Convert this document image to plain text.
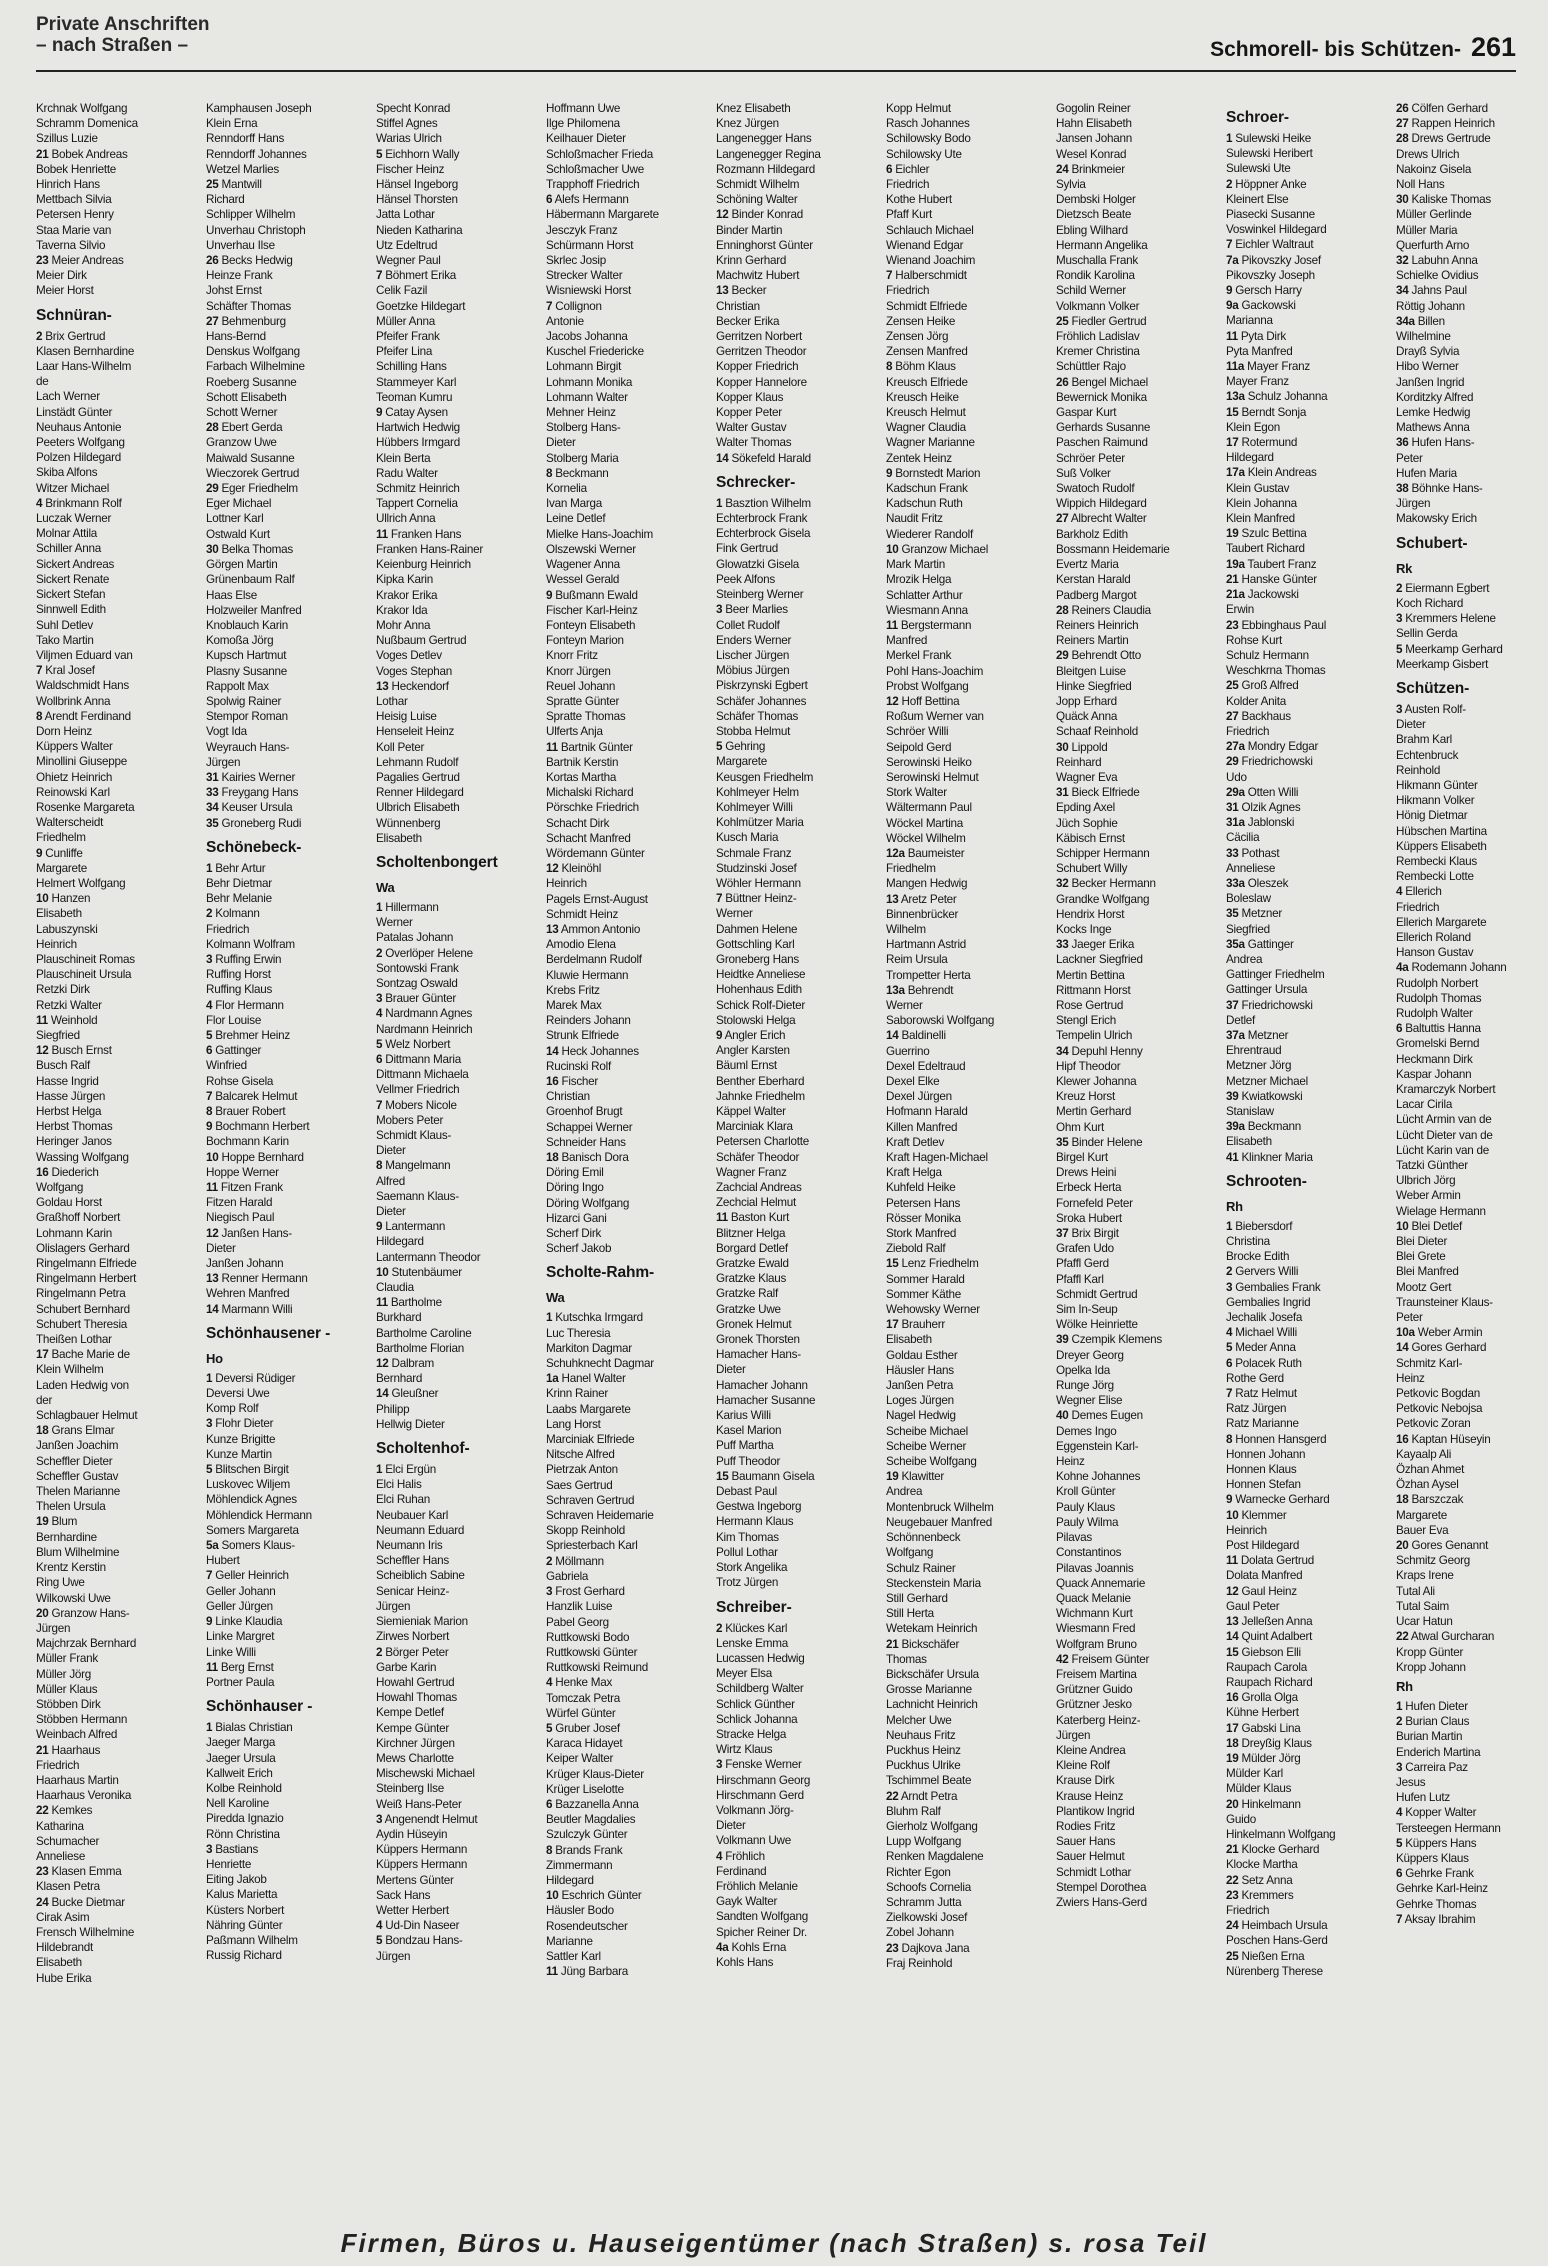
Private Anschriften
– nach Straßen –	Schmorell- bis Schützen- 261
Krchnak Wolfgang
Schramm Domenica
Szillus Luzie
21 Bobek Andreas
Bobek Henriette
Hinrich Hans
Mettbach Silvia
Petersen Henry
Staa Marie van
Taverna Silvio
23 Meier Andreas
Meier Dirk
Meier Horst
Schnüran-
2 Brix Gertrud
Klasen Bernhardine
Laar Hans-Wilhelm
de
Lach Werner
Linstädt Günter
Neuhaus Antonie
Peeters Wolfgang
Polzen Hildegard
Skiba Alfons
Witzer Michael
4 Brinkmann Rolf
Luczak Werner
Molnar Attila
Schiller Anna
Sickert Andreas
Sickert Renate
Sickert Stefan
Sinnwell Edith
Suhl Detlev
Tako Martin
Viljmen Eduard van
7 Kral Josef
Waldschmidt Hans
Wollbrink Anna
8 Arendt Ferdinand
Dorn Heinz
Küppers Walter
Minollini Giuseppe
Ohietz Heinrich
Reinowski Karl
Rosenke Margareta
Walterscheidt
Friedhelm
9 Cunliffe
Margarete
Helmert Wolfgang
10 Hanzen
Elisabeth
Labuszynski
Heinrich
Plauschineit Romas
Plauschineit Ursula
Retzki Dirk
Retzki Walter
11 Weinhold
Siegfried
12 Busch Ernst
Busch Ralf
Hasse Ingrid
Hasse Jürgen
Herbst Helga
Herbst Thomas
Heringer Janos
Wassing Wolfgang
16 Diederich
Wolfgang
Goldau Horst
Graßhoff Norbert
Lohmann Karin
Olislagers Gerhard
Ringelmann Elfriede
Ringelmann Herbert
Ringelmann Petra
Schubert Bernhard
Schubert Theresia
Theißen Lothar
17 Bache Marie de
Klein Wilhelm
Laden Hedwig von
der
Schlagbauer Helmut
18 Grans Elmar
Janßen Joachim
Scheffler Dieter
Scheffler Gustav
Thelen Marianne
Thelen Ursula
19 Blum
Bernhardine
Blum Wilhelmine
Krentz Kerstin
Ring Uwe
Wilkowski Uwe
20 Granzow Hans-
Jürgen
Majchrzak Bernhard
Müller Frank
Müller Jörg
Müller Klaus
Stöbben Dirk
Stöbben Hermann
Weinbach Alfred
21 Haarhaus
Friedrich
Haarhaus Martin
Haarhaus Veronika
22 Kemkes
Katharina
Schumacher
Anneliese
23 Klasen Emma
Klasen Petra
24 Bucke Dietmar
Cirak Asim
Frensch Wilhelmine
Hildebrandt
Elisabeth
Hube Erika
Kamphausen Joseph
Klein Erna
Renndorff Hans
Renndorff Johannes
Wetzel Marlies
25 Mantwill
Richard
Schlipper Wilhelm
Unverhau Christoph
Unverhau Ilse
26 Becks Hedwig
Heinze Frank
Johst Ernst
Schäfter Thomas
27 Behmenburg
Hans-Bernd
Denskus Wolfgang
Farbach Wilhelmine
Roeberg Susanne
Schott Elisabeth
Schott Werner
28 Ebert Gerda
Granzow Uwe
Maiwald Susanne
Wieczorek Gertrud
29 Eger Friedhelm
Eger Michael
Lottner Karl
Ostwald Kurt
30 Belka Thomas
Görgen Martin
Grünenbaum Ralf
Haas Else
Holzweiler Manfred
Knoblauch Karin
Komoßa Jörg
Kupsch Hartmut
Plasny Susanne
Rappolt Max
Spolwig Rainer
Stempor Roman
Vogt Ida
Weyrauch Hans-
Jürgen
31 Kairies Werner
33 Freygang Hans
34 Keuser Ursula
35 Groneberg Rudi
Schönebeck-
1 Behr Artur
Behr Dietmar
Behr Melanie
2 Kolmann
Friedrich
Kolmann Wolfram
3 Ruffing Erwin
Ruffing Horst
Ruffing Klaus
4 Flor Hermann
Flor Louise
5 Brehmer Heinz
6 Gattinger
Winfried
Rohse Gisela
7 Balcarek Helmut
8 Brauer Robert
9 Bochmann Herbert
Bochmann Karin
10 Hoppe Bernhard
Hoppe Werner
11 Fitzen Frank
Fitzen Harald
Niegisch Paul
12 Janßen Hans-
Dieter
Janßen Johann
13 Renner Hermann
Wehren Manfred
14 Marmann Willi
Schönhausener -
Ho
1 Deversi Rüdiger
Deversi Uwe
Komp Rolf
3 Flohr Dieter
Kunze Brigitte
Kunze Martin
5 Blitschen Birgit
Luskovec Wiljem
Möhlendick Agnes
Möhlendick Hermann
Somers Margareta
5a Somers Klaus-
Hubert
7 Geller Heinrich
Geller Johann
Geller Jürgen
9 Linke Klaudia
Linke Margret
Linke Willi
11 Berg Ernst
Portner Paula
Schönhauser -
1 Bialas Christian
Jaeger Marga
Jaeger Ursula
Kallweit Erich
Kolbe Reinhold
Nell Karoline
Piredda Ignazio
Rönn Christina
3 Bastians
Henriette
Eiting Jakob
Kalus Marietta
Küsters Norbert
Nähring Günter
Paßmann Wilhelm
Russig Richard
Specht Konrad
Stiffel Agnes
Warias Ulrich
5 Eichhorn Wally
Fischer Heinz
Hänsel Ingeborg
Hänsel Thorsten
Jatta Lothar
Nieden Katharina
Utz Edeltrud
Wegner Paul
7 Böhmert Erika
Celik Fazil
Goetzke Hildegart
Müller Anna
Pfeifer Frank
Pfeifer Lina
Schilling Hans
Stammeyer Karl
Teoman Kumru
9 Catay Aysen
Hartwich Hedwig
Hübbers Irmgard
Klein Berta
Radu Walter
Schmitz Heinrich
Tappert Cornelia
Ullrich Anna
11 Franken Hans
Franken Hans-Rainer
Keienburg Heinrich
Kipka Karin
Krakor Erika
Krakor Ida
Mohr Anna
Nußbaum Gertrud
Voges Detlev
Voges Stephan
13 Heckendorf
Lothar
Heisig Luise
Henseleit Heinz
Koll Peter
Lehmann Rudolf
Pagalies Gertrud
Renner Hildegard
Ulbrich Elisabeth
Wünnenberg
Elisabeth
Scholtenbongert
Wa
1 Hillermann
Werner
Patalas Johann
2 Overlöper Helene
Sontowski Frank
Sontzag Oswald
3 Brauer Günter
4 Nardmann Agnes
Nardmann Heinrich
5 Welz Norbert
6 Dittmann Maria
Dittmann Michaela
Vellmer Friedrich
7 Mobers Nicole
Mobers Peter
Schmidt Klaus-
Dieter
8 Mangelmann
Alfred
Saemann Klaus-
Dieter
9 Lantermann
Hildegard
Lantermann Theodor
10 Stutenbäumer
Claudia
11 Bartholme
Burkhard
Bartholme Caroline
Bartholme Florian
12 Dalbram
Bernhard
14 Gleußner
Philipp
Hellwig Dieter
Scholtenhof-
1 Elci Ergün
Elci Halis
Elci Ruhan
Neubauer Karl
Neumann Eduard
Neumann Iris
Scheffler Hans
Scheiblich Sabine
Senicar Heinz-
Jürgen
Siemieniak Marion
Zirwes Norbert
2 Börger Peter
Garbe Karin
Howahl Gertrud
Howahl Thomas
Kempe Detlef
Kempe Günter
Kirchner Jürgen
Mews Charlotte
Mischewski Michael
Steinberg Ilse
Weiß Hans-Peter
3 Angenendt Helmut
Aydin Hüseyin
Küppers Hermann
Küppers Hermann
Mertens Günter
Sack Hans
Wetter Herbert
4 Ud-Din Naseer
5 Bondzau Hans-
Jürgen
Hoffmann Uwe
Ilge Philomena
Keilhauer Dieter
Schloßmacher Frieda
Schloßmacher Uwe
Trapphoff Friedrich
6 Alefs Hermann
Häbermann Margarete
Jesczyk Franz
Schürmann Horst
Skrlec Josip
Strecker Walter
Wisniewski Horst
7 Collignon
Antonie
Jacobs Johanna
Kuschel Friedericke
Lohmann Birgit
Lohmann Monika
Lohmann Walter
Mehner Heinz
Stolberg Hans-
Dieter
Stolberg Maria
8 Beckmann
Kornelia
Ivan Marga
Leine Detlef
Mielke Hans-Joachim
Olszewski Werner
Wagener Anna
Wessel Gerald
9 Bußmann Ewald
Fischer Karl-Heinz
Fonteyn Elisabeth
Fonteyn Marion
Knorr Fritz
Knorr Jürgen
Reuel Johann
Spratte Günter
Spratte Thomas
Ulferts Anja
11 Bartnik Günter
Bartnik Kerstin
Kortas Martha
Michalski Richard
Pörschke Friedrich
Schacht Dirk
Schacht Manfred
Wördemann Günter
12 Kleinöhl
Heinrich
Pagels Ernst-August
Schmidt Heinz
13 Ammon Antonio
Amodio Elena
Berdelmann Rudolf
Kluwie Hermann
Krebs Fritz
Marek Max
Reinders Johann
Strunk Elfriede
14 Heck Johannes
Rucinski Rolf
16 Fischer
Christian
Groenhof Brugt
Schappei Werner
Schneider Hans
18 Banisch Dora
Döring Emil
Döring Ingo
Döring Wolfgang
Hizarci Gani
Scherf Dirk
Scherf Jakob
Scholte-Rahm-
Wa
1 Kutschka Irmgard
Luc Theresia
Markiton Dagmar
Schuhknecht Dagmar
1a Hanel Walter
Krinn Rainer
Laabs Margarete
Lang Horst
Marciniak Elfriede
Nitsche Alfred
Pietrzak Anton
Saes Gertrud
Schraven Gertrud
Schraven Heidemarie
Skopp Reinhold
Spriesterbach Karl
2 Möllmann
Gabriela
3 Frost Gerhard
Hanzlik Luise
Pabel Georg
Ruttkowski Bodo
Ruttkowski Günter
Ruttkowski Reimund
4 Henke Max
Tomczak Petra
Würfel Günter
5 Gruber Josef
Karaca Hidayet
Keiper Walter
Krüger Klaus-Dieter
Krüger Liselotte
6 Bazzanella Anna
Beutler Magdalies
Szulczyk Günter
8 Brands Frank
Zimmermann
Hildegard
10 Eschrich Günter
Häusler Bodo
Rosendeutscher
Marianne
Sattler Karl
11 Jüng Barbara
Knez Elisabeth
Knez Jürgen
Langenegger Hans
Langenegger Regina
Rozmann Hildegard
Schmidt Wilhelm
Schöning Walter
12 Binder Konrad
Binder Martin
Enninghorst Günter
Krinn Gerhard
Machwitz Hubert
13 Becker
Christian
Becker Erika
Gerritzen Norbert
Gerritzen Theodor
Kopper Friedrich
Kopper Hannelore
Kopper Klaus
Kopper Peter
Walter Gustav
Walter Thomas
14 Sökefeld Harald
Schrecker-
1 Basztion Wilhelm
Echterbrock Frank
Echterbrock Gisela
Fink Gertrud
Glowatzki Gisela
Peek Alfons
Steinberg Werner
3 Beer Marlies
Collet Rudolf
Enders Werner
Lischer Jürgen
Möbius Jürgen
Piskrzynski Egbert
Schäfer Johannes
Schäfer Thomas
Stobba Helmut
5 Gehring
Margarete
Keusgen Friedhelm
Kohlmeyer Helm
Kohlmeyer Willi
Kohlmützer Maria
Kusch Maria
Schmale Franz
Studzinski Josef
Wöhler Hermann
7 Büttner Heinz-
Werner
Dahmen Helene
Gottschling Karl
Groneberg Hans
Heidtke Anneliese
Hohenhaus Edith
Schick Rolf-Dieter
Stolowski Helga
9 Angler Erich
Angler Karsten
Bäuml Ernst
Benther Eberhard
Jahnke Friedhelm
Käppel Walter
Marciniak Klara
Petersen Charlotte
Schäfer Theodor
Wagner Franz
Zachcial Andreas
Zechcial Helmut
11 Baston Kurt
Blitzner Helga
Borgard Detlef
Gratzke Ewald
Gratzke Klaus
Gratzke Ralf
Gratzke Uwe
Gronek Helmut
Gronek Thorsten
Hamacher Hans-
Dieter
Hamacher Johann
Hamacher Susanne
Karius Willi
Kasel Marion
Puff Martha
Puff Theodor
15 Baumann Gisela
Debast Paul
Gestwa Ingeborg
Hermann Klaus
Kim Thomas
Pollul Lothar
Stork Angelika
Trotz Jürgen
Schreiber-
2 Klückes Karl
Lenske Emma
Lucassen Hedwig
Meyer Elsa
Schildberg Walter
Schlick Günther
Schlick Johanna
Stracke Helga
Wirtz Klaus
3 Fenske Werner
Hirschmann Georg
Hirschmann Gerd
Volkmann Jörg-
Dieter
Volkmann Uwe
4 Fröhlich
Ferdinand
Fröhlich Melanie
Gayk Walter
Sandten Wolfgang
Spicher Reiner Dr.
4a Kohls Erna
Kohls Hans
Kopp Helmut
Rasch Johannes
Schilowsky Bodo
Schilowsky Ute
6 Eichler
Friedrich
Kothe Hubert
Pfaff Kurt
Schlauch Michael
Wienand Edgar
Wienand Joachim
7 Halberschmidt
Friedrich
Schmidt Elfriede
Zensen Heike
Zensen Jörg
Zensen Manfred
8 Böhm Klaus
Kreusch Elfriede
Kreusch Heike
Kreusch Helmut
Wagner Claudia
Wagner Marianne
Zentek Heinz
9 Bornstedt Marion
Kadschun Frank
Kadschun Ruth
Naudit Fritz
Wiederer Randolf
10 Granzow Michael
Mark Martin
Mrozik Helga
Schlatter Arthur
Wiesmann Anna
11 Bergstermann
Manfred
Merkel Frank
Pohl Hans-Joachim
Probst Wolfgang
12 Hoff Bettina
Roßum Werner van
Schröer Willi
Seipold Gerd
Serowinski Heiko
Serowinski Helmut
Stork Walter
Wältermann Paul
Wöckel Martina
Wöckel Wilhelm
12a Baumeister
Friedhelm
Mangen Hedwig
13 Aretz Peter
Binnenbrücker
Wilhelm
Hartmann Astrid
Reim Ursula
Trompetter Herta
13a Behrendt
Werner
Saborowski Wolfgang
14 Baldinelli
Guerrino
Dexel Edeltraud
Dexel Elke
Dexel Jürgen
Hofmann Harald
Killen Manfred
Kraft Detlev
Kraft Hagen-Michael
Kraft Helga
Kuhfeld Heike
Petersen Hans
Rösser Monika
Stork Manfred
Ziebold Ralf
15 Lenz Friedhelm
Sommer Harald
Sommer Käthe
Wehowsky Werner
17 Brauherr
Elisabeth
Goldau Esther
Häusler Hans
Janßen Petra
Loges Jürgen
Nagel Hedwig
Scheibe Michael
Scheibe Werner
Scheibe Wolfgang
19 Klawitter
Andrea
Montenbruck Wilhelm
Neugebauer Manfred
Schönnenbeck
Wolfgang
Schulz Rainer
Steckenstein Maria
Still Gerhard
Still Herta
Wetekam Heinrich
21 Bickschäfer
Thomas
Bickschäfer Ursula
Grosse Marianne
Lachnicht Heinrich
Melcher Uwe
Neuhaus Fritz
Puckhus Heinz
Puckhus Ulrike
Tschimmel Beate
22 Arndt Petra
Bluhm Ralf
Gierholz Wolfgang
Lupp Wolfgang
Renken Magdalene
Richter Egon
Schoofs Cornelia
Schramm Jutta
Zielkowski Josef
Zobel Johann
23 Dajkova Jana
Fraj Reinhold
Gogolin Reiner
Hahn Elisabeth
Jansen Johann
Wesel Konrad
24 Brinkmeier
Sylvia
Dembski Holger
Dietzsch Beate
Ebling Wilhard
Hermann Angelika
Muschalla Frank
Rondik Karolina
Schild Werner
Volkmann Volker
25 Fiedler Gertrud
Fröhlich Ladislav
Kremer Christina
Schüttler Rajo
26 Bengel Michael
Bewernick Monika
Gaspar Kurt
Gerhards Susanne
Paschen Raimund
Schröer Peter
Suß Volker
Swatoch Rudolf
Wippich Hildegard
27 Albrecht Walter
Barkholz Edith
Bossmann Heidemarie
Evertz Maria
Kerstan Harald
Padberg Margot
28 Reiners Claudia
Reiners Heinrich
Reiners Martin
29 Behrendt Otto
Bleitgen Luise
Hinke Siegfried
Jopp Erhard
Quäck Anna
Schaaf Reinhold
30 Lippold
Reinhard
Wagner Eva
31 Bieck Elfriede
Epding Axel
Jüch Sophie
Käbisch Ernst
Schipper Hermann
Schubert Willy
32 Becker Hermann
Grandke Wolfgang
Hendrix Horst
Kocks Inge
33 Jaeger Erika
Lackner Siegfried
Mertin Bettina
Rittmann Horst
Rose Gertrud
Stengl Erich
Tempelin Ulrich
34 Depuhl Henny
Hipf Theodor
Klewer Johanna
Kreuz Horst
Mertin Gerhard
Ohm Kurt
35 Binder Helene
Birgel Kurt
Drews Heini
Erbeck Herta
Fornefeld Peter
Sroka Hubert
37 Brix Birgit
Grafen Udo
Pfaffl Gerd
Pfaffl Karl
Schmidt Gertrud
Sim In-Seup
Wölke Heinriette
39 Czempik Klemens
Dreyer Georg
Opelka Ida
Runge Jörg
Wegner Elise
40 Demes Eugen
Demes Ingo
Eggenstein Karl-
Heinz
Kohne Johannes
Kroll Günter
Pauly Klaus
Pauly Wilma
Pilavas
Constantinos
Pilavas Joannis
Quack Annemarie
Quack Melanie
Wichmann Kurt
Wiesmann Fred
Wolfgram Bruno
42 Freisem Günter
Freisem Martina
Grützner Guido
Grützner Jesko
Katerberg Heinz-
Jürgen
Kleine Andrea
Kleine Rolf
Krause Dirk
Krause Heinz
Plantikow Ingrid
Rodies Fritz
Sauer Hans
Sauer Helmut
Schmidt Lothar
Stempel Dorothea
Zwiers Hans-Gerd
Schroer-
1 Sulewski Heike
Sulewski Heribert
Sulewski Ute
2 Höppner Anke
Kleinert Else
Piasecki Susanne
Voswinkel Hildegard
7 Eichler Waltraut
7a Pikovszky Josef
Pikovszky Joseph
9 Gersch Harry
9a Gackowski
Marianna
11 Pyta Dirk
Pyta Manfred
11a Mayer Franz
Mayer Franz
13a Schulz Johanna
15 Berndt Sonja
Klein Egon
17 Rotermund
Hildegard
17a Klein Andreas
Klein Gustav
Klein Johanna
Klein Manfred
19 Szulc Bettina
Taubert Richard
19a Taubert Franz
21 Hanske Günter
21a Jackowski
Erwin
23 Ebbinghaus Paul
Rohse Kurt
Schulz Hermann
Weschkrna Thomas
25 Groß Alfred
Kolder Anita
27 Backhaus
Friedrich
27a Mondry Edgar
29 Friedrichowski
Udo
29a Otten Willi
31 Olzik Agnes
31a Jablonski
Cäcilia
33 Pothast
Anneliese
33a Oleszek
Boleslaw
35 Metzner
Siegfried
35a Gattinger
Andrea
Gattinger Friedhelm
Gattinger Ursula
37 Friedrichowski
Detlef
37a Metzner
Ehrentraud
Metzner Jörg
Metzner Michael
39 Kwiatkowski
Stanislaw
39a Beckmann
Elisabeth
41 Klinkner Maria
Schrooten-
Rh
1 Biebersdorf
Christina
Brocke Edith
2 Gervers Willi
3 Gembalies Frank
Gembalies Ingrid
Jechalik Josefa
4 Michael Willi
5 Meder Anna
6 Polacek Ruth
Rothe Gerd
7 Ratz Helmut
Ratz Jürgen
Ratz Marianne
8 Honnen Hansgerd
Honnen Johann
Honnen Klaus
Honnen Stefan
9 Warnecke Gerhard
10 Klemmer
Heinrich
Post Hildegard
11 Dolata Gertrud
Dolata Manfred
12 Gaul Heinz
Gaul Peter
13 Jelleßen Anna
14 Quint Adalbert
15 Giebson Elli
Raupach Carola
Raupach Richard
16 Grolla Olga
Kühne Herbert
17 Gabski Lina
18 Dreyßig Klaus
19 Mülder Jörg
Mülder Karl
Mülder Klaus
20 Hinkelmann
Guido
Hinkelmann Wolfgang
21 Klocke Gerhard
Klocke Martha
22 Setz Anna
23 Kremmers
Friedrich
24 Heimbach Ursula
Poschen Hans-Gerd
25 Nießen Erna
Nürenberg Therese
26 Cölfen Gerhard
27 Rappen Heinrich
28 Drews Gertrude
Drews Ulrich
Nakoinz Gisela
Noll Hans
30 Kaliske Thomas
Müller Gerlinde
Müller Maria
Querfurth Arno
32 Labuhn Anna
Schielke Ovidius
34 Jahns Paul
Röttig Johann
34a Billen
Wilhelmine
Drayß Sylvia
Hibo Werner
Janßen Ingrid
Korditzky Alfred
Lemke Hedwig
Mathews Anna
36 Hufen Hans-
Peter
Hufen Maria
38 Böhnke Hans-
Jürgen
Makowsky Erich
Schubert-
Rk
2 Eiermann Egbert
Koch Richard
3 Kremmers Helene
Sellin Gerda
5 Meerkamp Gerhard
Meerkamp Gisbert
Schützen-
3 Austen Rolf-
Dieter
Brahm Karl
Echtenbruck
Reinhold
Hikmann Günter
Hikmann Volker
Hönig Dietmar
Hübschen Martina
Küppers Elisabeth
Rembecki Klaus
Rembecki Lotte
4 Ellerich
Friedrich
Ellerich Margarete
Ellerich Roland
Hanson Gustav
4a Rodemann Johann
Rudolph Norbert
Rudolph Thomas
Rudolph Walter
6 Baltuttis Hanna
Gromelski Bernd
Heckmann Dirk
Kaspar Johann
Kramarczyk Norbert
Lacar Cirila
Lücht Armin van de
Lücht Dieter van de
Lücht Karin van de
Tatzki Günther
Ulbrich Jörg
Weber Armin
Wielage Hermann
10 Blei Detlef
Blei Dieter
Blei Grete
Blei Manfred
Mootz Gert
Traunsteiner Klaus-
Peter
10a Weber Armin
14 Gores Gerhard
Schmitz Karl-
Heinz
Petkovic Bogdan
Petkovic Nebojsa
Petkovic Zoran
16 Kaptan Hüseyin
Kayaalp Ali
Özhan Ahmet
Özhan Aysel
18 Barszczak
Margarete
Bauer Eva
20 Gores Genannt
Schmitz Georg
Kraps Irene
Tutal Ali
Tutal Saim
Ucar Hatun
22 Atwal Gurcharan
Kropp Günter
Kropp Johann
Rh
1 Hufen Dieter
2 Burian Claus
Burian Martin
Enderich Martina
3 Carreira Paz
Jesus
Hufen Lutz
4 Kopper Walter
Tersteegen Hermann
5 Küppers Hans
Küppers Klaus
6 Gehrke Frank
Gehrke Karl-Heinz
Gehrke Thomas
7 Aksay Ibrahim
Firmen, Büros u. Hauseigentümer (nach Straßen) s. rosa Teil
